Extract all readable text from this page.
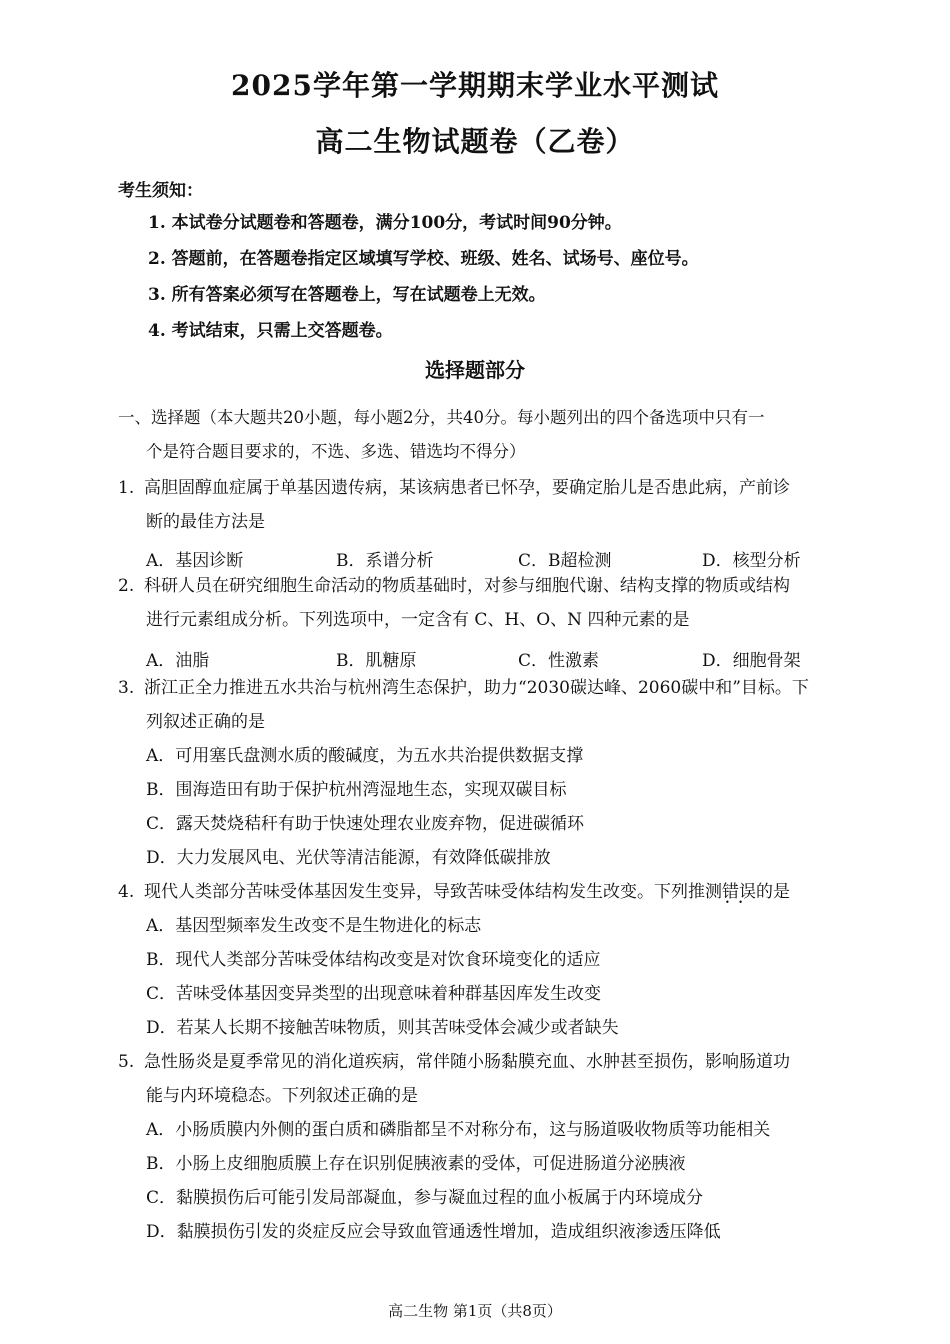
2025学年第一学期期末学业水平测试
高二生物试题卷（乙卷）
考生须知：
1. 本试卷分试题卷和答题卷，满分100分，考试时间90分钟。
2. 答题前，在答题卷指定区域填写学校、班级、姓名、试场号、座位号。
3. 所有答案必须写在答题卷上，写在试题卷上无效。
4. 考试结束，只需上交答题卷。
选择题部分
一、选择题（本大题共20小题，每小题2分，共40分。每小题列出的四个备选项中只有一
个是符合题目要求的，不选、多选、错选均不得分）
1. 高胆固醇血症属于单基因遗传病，某该病患者已怀孕，要确定胎儿是否患此病，产前诊
断的最佳方法是
A．基因诊断	B．系谱分析	C．B超检测	D．核型分析
2. 科研人员在研究细胞生命活动的物质基础时，对参与细胞代谢、结构支撑的物质或结构
进行元素组成分析。下列选项中，一定含有 C、H、O、N 四种元素的是
A．油脂	B．肌糖原	C．性激素	D．细胞骨架
3. 浙江正全力推进五水共治与杭州湾生态保护，助力“2030碳达峰、2060碳中和”目标。下
列叙述正确的是
A．可用塞氏盘测水质的酸碱度，为五水共治提供数据支撑
B．围海造田有助于保护杭州湾湿地生态，实现双碳目标
C．露天焚烧秸秆有助于快速处理农业废弃物，促进碳循环
D．大力发展风电、光伏等清洁能源，有效降低碳排放
4. 现代人类部分苦味受体基因发生变异，导致苦味受体结构发生改变。下列推测错误 • •的是
A．基因型频率发生改变不是生物进化的标志
B．现代人类部分苦味受体结构改变是对饮食环境变化的适应
C．苦味受体基因变异类型的出现意味着种群基因库发生改变
D．若某人长期不接触苦味物质，则其苦味受体会减少或者缺失
5. 急性肠炎是夏季常见的消化道疾病，常伴随小肠黏膜充血、水肿甚至损伤，影响肠道功
能与内环境稳态。下列叙述正确的是
A．小肠质膜内外侧的蛋白质和磷脂都呈不对称分布，这与肠道吸收物质等功能相关
B．小肠上皮细胞质膜上存在识别促胰液素的受体，可促进肠道分泌胰液
C．黏膜损伤后可能引发局部凝血，参与凝血过程的血小板属于内环境成分
D．黏膜损伤引发的炎症反应会导致血管通透性增加，造成组织液渗透压降低
高二生物 第1页（共8页）
